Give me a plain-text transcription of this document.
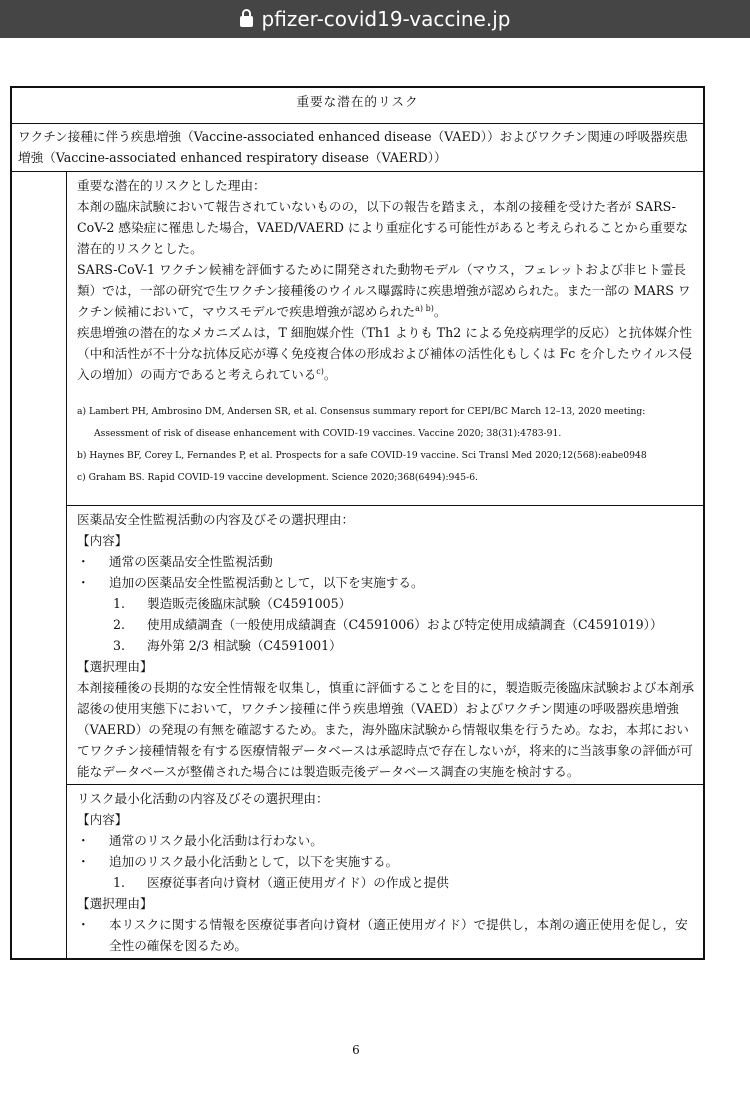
pfizer-covid19-vaccine.jp
重要な潜在的リスク
ワクチン接種に伴う疾患増強（Vaccine-associated enhanced disease（VAED））およびワクチン関連の呼吸器疾患増強（Vaccine-associated enhanced respiratory disease（VAERD））

重要な潜在的リスクとした理由：
本剤の臨床試験において報告されていないものの，以下の報告を踏まえ，本剤の接種を受けた者が SARS-CoV-2 感染症に罹患した場合，VAED/VAERD により重症化する可能性があると考えられることから重要な潜在的リスクとした。
SARS-CoV-1 ワクチン候補を評価するために開発された動物モデル（マウス，フェレットおよび非ヒト霊長類）では，一部の研究で生ワクチン接種後のウイルス曝露時に疾患増強が認められた。また一部の MARS ワクチン候補において，マウスモデルで疾患増強が認められた$^{a) b)}$。
疾患増強の潜在的なメカニズムは，T 細胞媒介性（Th1 よりも Th2 による免疫病理学的反応）と抗体媒介性（中和活性が不十分な抗体反応が導く免疫複合体の形成および補体の活性化もしくは Fc を介したウイルス侵入の増加）の両方であると考えられている$^{c)}$。
a) Lambert PH, Ambrosino DM, Andersen SR, et al. Consensus summary report for CEPI/BC March 12–13, 2020 meeting:
Assessment of risk of disease enhancement with COVID-19 vaccines. Vaccine 2020; 38(31):4783-91.
b) Haynes BF, Corey L, Fernandes P, et al. Prospects for a safe COVID-19 vaccine. Sci Transl Med 2020;12(568):eabe0948
c) Graham BS. Rapid COVID-19 vaccine development. Science 2020;368(6494):945-6.

医薬品安全性監視活動の内容及びその選択理由：
【内容】
・ 通常の医薬品安全性監視活動
・ 追加の医薬品安全性監視活動として，以下を実施する。
1. 製造販売後臨床試験（C4591005）
2. 使用成績調査（一般使用成績調査（C4591006）および特定使用成績調査（C4591019））
3. 海外第 2/3 相試験（C4591001）
【選択理由】
本剤接種後の長期的な安全性情報を収集し，慎重に評価することを目的に，製造販売後臨床試験および本剤承認後の使用実態下において，ワクチン接種に伴う疾患増強（VAED）およびワクチン関連の呼吸器疾患増強（VAERD）の発現の有無を確認するため。また，海外臨床試験から情報収集を行うため。なお，本邦においてワクチン接種情報を有する医療情報データベースは承認時点で存在しないが，将来的に当該事象の評価が可能なデータベースが整備された場合には製造販売後データベース調査の実施を検討する。

リスク最小化活動の内容及びその選択理由：
【内容】
・ 通常のリスク最小化活動は行わない。
・ 追加のリスク最小化活動として，以下を実施する。
1. 医療従事者向け資材（適正使用ガイド）の作成と提供
【選択理由】
・ 本リスクに関する情報を医療従事者向け資材（適正使用ガイド）で提供し，本剤の適正使用を促し，安全性の確保を図るため。
6
